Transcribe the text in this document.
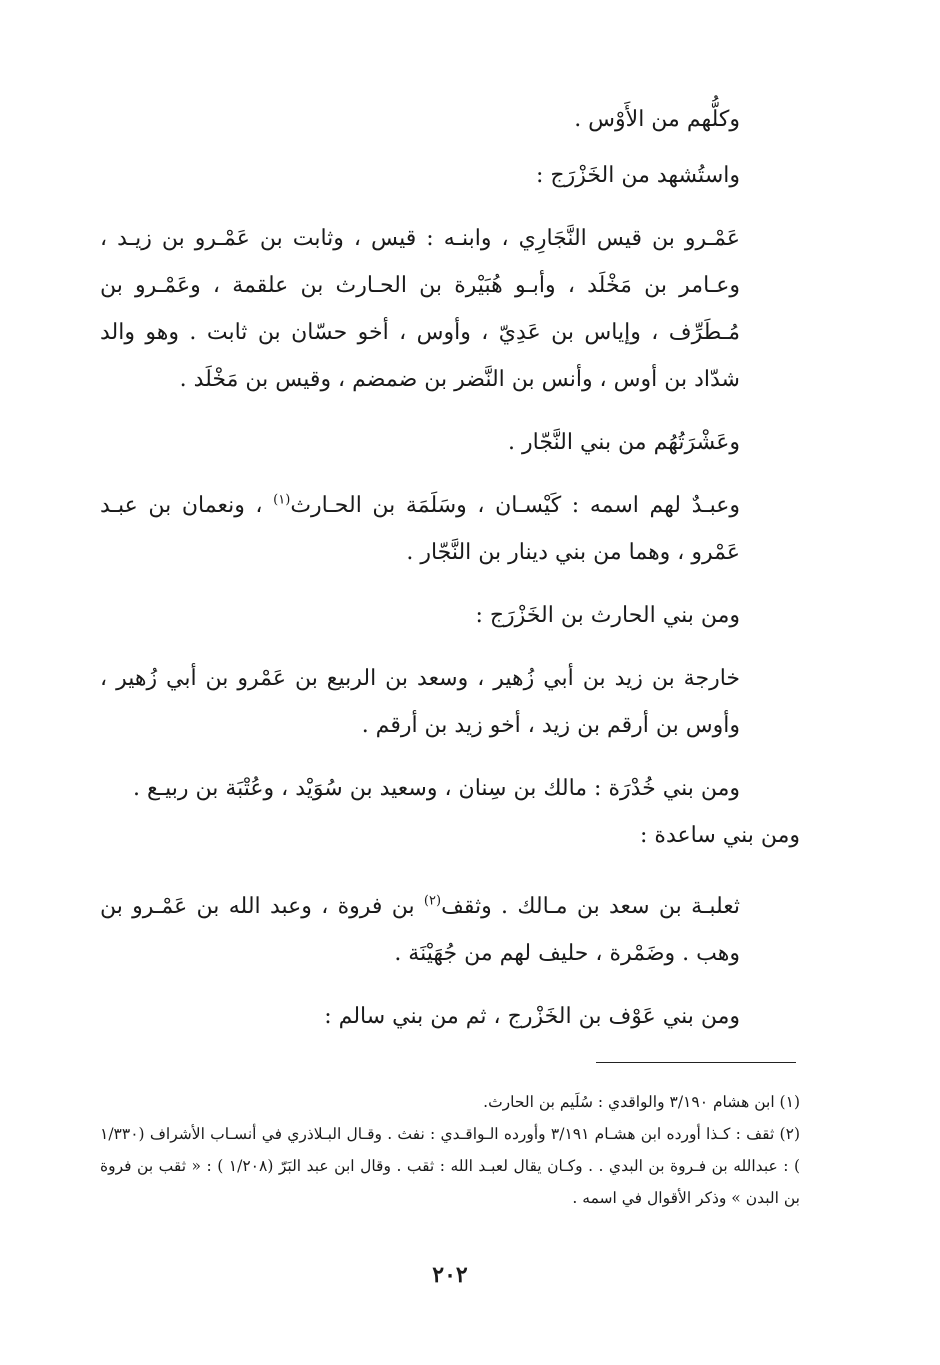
وكلُّهم من الأَوْس .

واستُشهد من الخَزْرَج :

عَمْـرو بن قيس النَّجَارِي ، وابنـه : قيس ، وثابت بن عَمْـرو بن زيـد ، وعـامر بن مَخْلَد ، وأبـو هُبَيْرة بن الحـارث بن علقمة ، وعَمْـرو بن مُـطَرِّف ، وإياس بن عَدِيّ ، وأوس ، أخو حسّان بن ثابت . وهو والد شدّاد بن أوس ، وأنس بن النَّضر بن ضمضم ، وقيس بن مَخْلَد .

وعَشْرَتُهُم من بني النَّجّار .

وعبـدٌ لهم اسمه : كَيْسـان ، وسَلَمَة بن الحـارث$^{(١)}$ ، ونعمان بن عبـد عَمْرو ، وهما من بني دينار بن النَّجّار .

ومن بني الحارث بن الخَزْرَج :

خارجة بن زيد بن أبي زُهير ، وسعد بن الربيع بن عَمْرو بن أبي زُهير ، وأوس بن أرقم بن زيد ، أخو زيد بن أرقم .

ومن بني خُدْرَة : مالك بن سِنان ، وسعيد بن سُوَيْد ، وعُتْبَة بن ربيـع .

ومن بني ساعدة :

ثعلبـة بن سعد بن مـالك . وثقف$^{(٢)}$ بن فروة ، وعبد الله بن عَمْـرو بن وهب . وضَمْرة ، حليف لهم من جُهَيْنَة .

ومن بني عَوْف بن الخَزْرج ، ثم من بني سالم :

(١) ابن هشام ٣/١٩٠ والواقدي : سُلَيم بن الحارث.

(٢) ثقف : كـذا أورده ابن هشـام ٣/١٩١ وأورده الـواقـدي : نفث . وقـال البـلاذري في أنسـاب الأشراف (١/٣٣٠ ) : عبدالله بن فـروة بن البدي . . وكـان يقال لعبـد الله : ثقب . وقال ابن عبد البَرّ (١/٢٠٨ ) : « ثقب بن فروة بن البدن » وذكر الأقوال في اسمه .

٢٠٢
